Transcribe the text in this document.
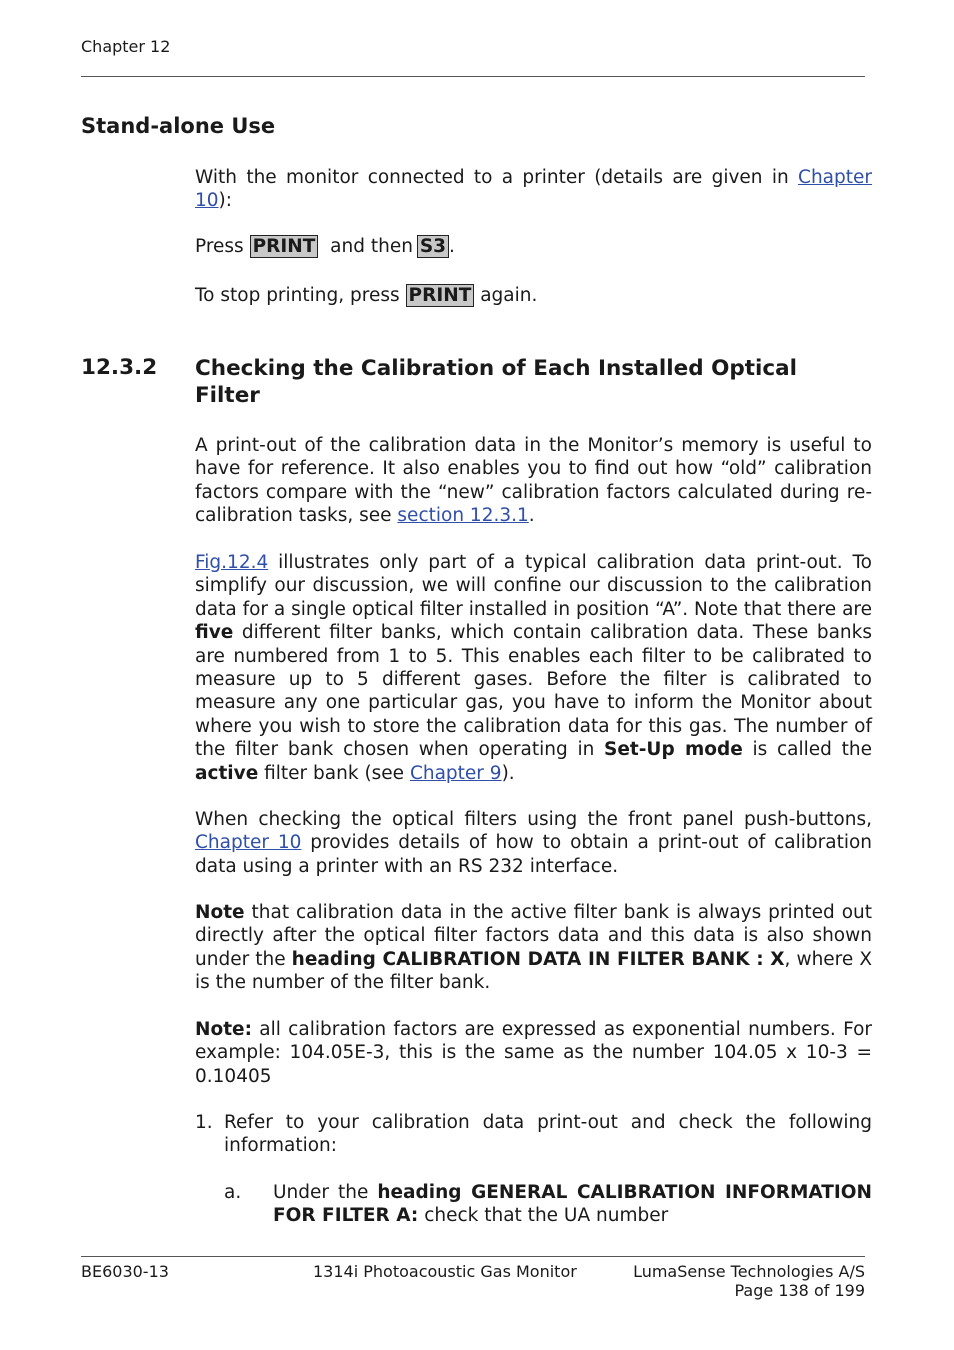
Chapter 12
Stand-alone Use
With the monitor connected to a printer (details are given in Chapter 10):
Press PRINT and then S3 .
To stop printing, press PRINT again.
12.3.2 Checking the Calibration of Each Installed Optical Filter
A print-out of the calibration data in the Monitor’s memory is useful to have for reference. It also enables you to find out how “old” calibration factors compare with the “new” calibration factors calculated during re-calibration tasks, see section 12.3.1.
Fig.12.4 illustrates only part of a typical calibration data print-out. To simplify our discussion, we will confine our discussion to the calibration data for a single optical filter installed in position “A”. Note that there are five different filter banks, which contain calibration data. These banks are numbered from 1 to 5. This enables each filter to be calibrated to measure up to 5 different gases. Before the filter is calibrated to measure any one particular gas, you have to inform the Monitor about where you wish to store the calibration data for this gas. The number of the filter bank chosen when operating in Set-Up mode is called the active filter bank (see Chapter 9).
When checking the optical filters using the front panel push-buttons, Chapter 10 provides details of how to obtain a print-out of calibration data using a printer with an RS 232 interface.
Note that calibration data in the active filter bank is always printed out directly after the optical filter factors data and this data is also shown under the heading CALIBRATION DATA IN FILTER BANK : X, where X is the number of the filter bank.
Note: all calibration factors are expressed as exponential numbers. For example: 104.05E-3, this is the same as the number 104.05 x 10-3 = 0.10405
1. Refer to your calibration data print-out and check the following information:
a. Under the heading GENERAL CALIBRATION INFORMATION FOR FILTER A: check that the UA number
BE6030-13	1314i Photoacoustic Gas Monitor	LumaSense Technologies A/S
Page 138 of 199
